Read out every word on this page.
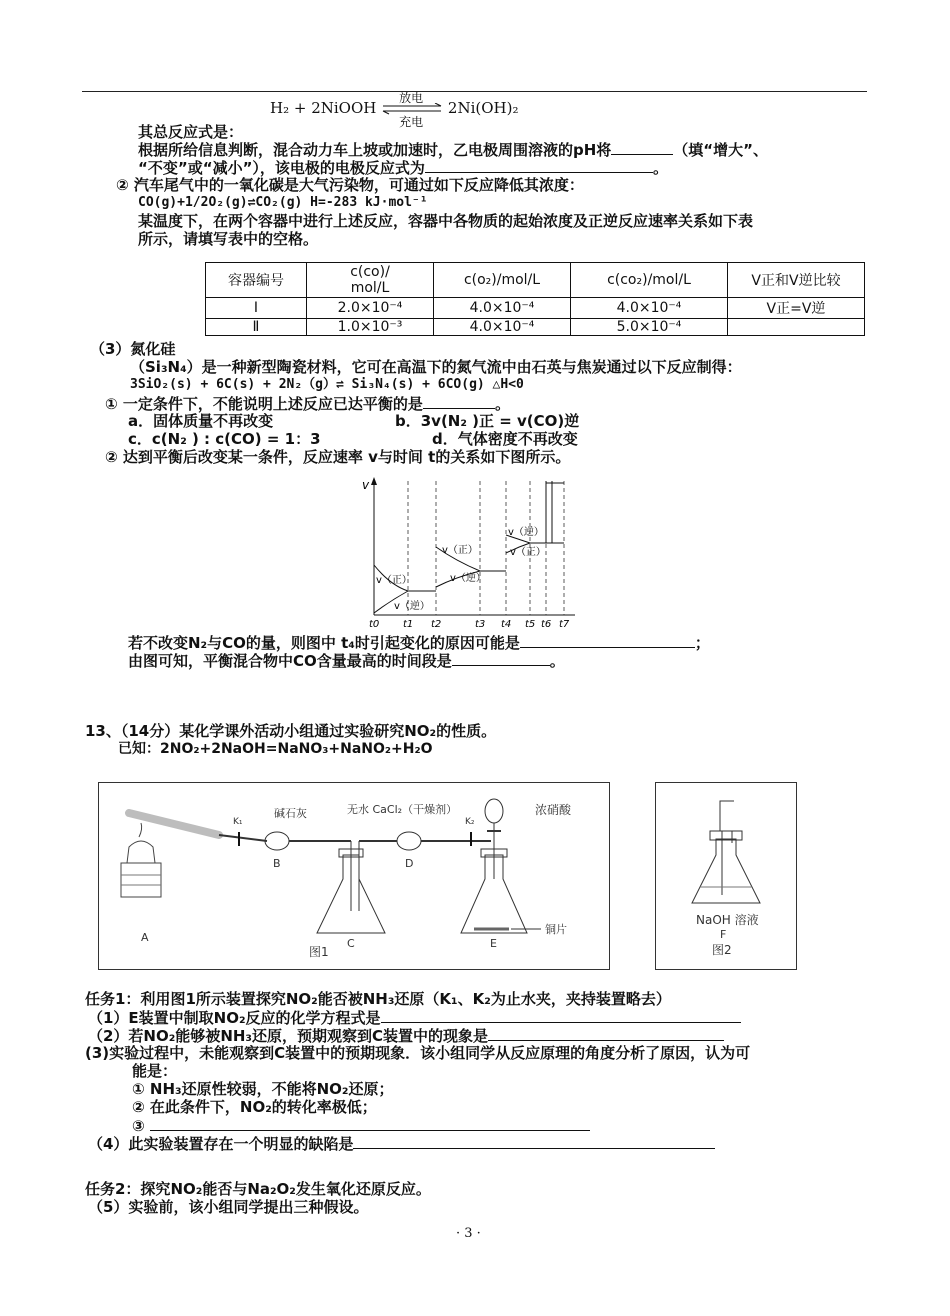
H₂ + 2NiOOH
放电
充电
2Ni(OH)₂
其总反应式是：
根据所给信息判断，混合动力车上坡或加速时，乙电极周围溶液的pH将	（填“增大”、
“不变”或“减小”），该电极的电极反应式为	。
② 汽车尾气中的一氧化碳是大气污染物，可通过如下反应降低其浓度：
CO(g)+1/2O₂(g)⇌CO₂(g) H=-283 kJ·mol⁻¹
某温度下，在两个容器中进行上述反应，容器中各物质的起始浓度及正逆反应速率关系如下表
所示，请填写表中的空格。
容器编号	c(co)/
mol/L	c(o₂)/mol/L	c(co₂)/mol/L	V正和V逆比较
Ⅰ	2.0×10⁻⁴	4.0×10⁻⁴	4.0×10⁻⁴	V正=V逆
Ⅱ	1.0×10⁻³	4.0×10⁻⁴	5.0×10⁻⁴	
（3）氮化硅
（Si₃N₄）是一种新型陶瓷材料，它可在高温下的氮气流中由石英与焦炭通过以下反应制得：
3SiO₂(s) + 6C(s) + 2N₂（g）⇌ Si₃N₄(s) + 6CO(g) △H<0
① 一定条件下，不能说明上述反应已达平衡的是	。
a．固体质量不再改变	b．3v(N₂ )正 = v(CO)逆
c．c(N₂ ) : c(CO) = 1：3	d．气体密度不再改变
② 达到平衡后改变某一条件，反应速率 v与时间 t的关系如下图所示。
v
t0 t1 t2	t3 t4 t5 t6 t7
v（正）
v（逆）
v（正）
v（逆）
v（逆）
v（正）
若不改变N₂与CO的量，则图中 t₄时引起变化的原因可能是	；
由图可知，平衡混合物中CO含量最高的时间段是	。
13、（14分）某化学课外活动小组通过实验研究NO₂的性质。
已知：2NO₂+2NaOH=NaNO₃+NaNO₂+H₂O
碱石灰	无水 CaCl₂（干燥剂）	浓硝酸
K₁	K₂
铜片
A
B
C
D
E
图1
NaOH 溶液
F
图2
任务1：利用图1所示装置探究NO₂能否被NH₃还原（K₁、K₂为止水夹，夹持装置略去）
（1）E装置中制取NO₂反应的化学方程式是
（2）若NO₂能够被NH₃还原，预期观察到C装置中的现象是
(3)实验过程中，未能观察到C装置中的预期现象．该小组同学从反应原理的角度分析了原因，认为可
能是：
① NH₃还原性较弱，不能将NO₂还原；
② 在此条件下，NO₂的转化率极低；
③
（4）此实验装置存在一个明显的缺陷是
任务2：探究NO₂能否与Na₂O₂发生氧化还原反应。
（5）实验前，该小组同学提出三种假设。
· 3 ·
